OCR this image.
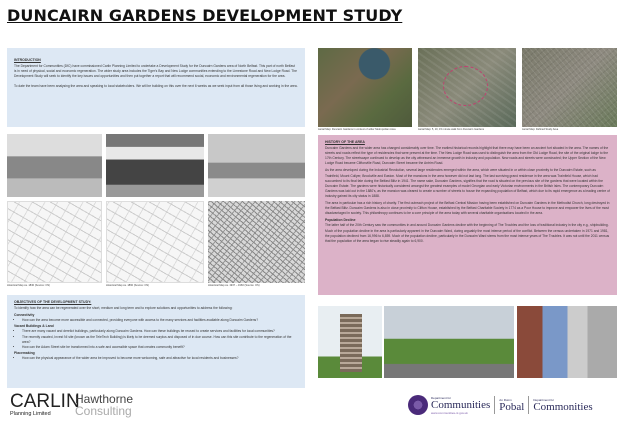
DUNCAIRN GARDENS DEVELOPMENT STUDY
INTRODUCTION

The Department for Communities (DfC) have commissioned Carlin Planning Limited to undertake a Development Study for the Duncairn Gardens area of North Belfast. This part of north Belfast is in need of physical, social and economic regeneration. The wider study area includes the Tiger's Bay and New Lodge communities extending to the Limestone Road and New Lodge Road. The Development Study will seek to identify the key issues and opportunities and then put together a report that will recommend social, economic and environmental regeneration for the area.

To date the team have been analysing the area and speaking to local stakeholders. We will be building on this over the next 6 weeks as we seek input from all those living and working in the area.

Historical Map ca. 1830 (Source: OS)	Historical Map ca. 1860 (Source: OS)	Historical Map ca. 1937 – 1960 (Source: OS)
OBJECTIVES OF THE DEVELOPMENT STUDY:

To identify how the area can be regenerated over the short, medium and long term and to explore solutions and opportunities to address the following:

Connectivity
• How can the area become more accessible and connected, providing everyone with access to the many services and facilities available along Duncairn Gardens?
Vacant Buildings & Land
• There are many vacant and derelict buildings, particularly along Duncairn Gardens. How can these buildings be reused to create services and facilities for local communities?
• The recently vacated, Invest NI site (known as the TeleTech Building) is likely to be deemed surplus and disposed of in due course. How can this site contribute to the regeneration of the area?
• How can the Adam Street site be transformed into a safe and accessible space that creates community benefit?
Placemaking
• How can the physical appearance of the wider area be improved to become more welcoming, safe and attractive for local residents and businesses?
CARLIN
Planning Limited
Hawthorne
Consulting
Aerial Map: Duncairn Gardens in context of wider Metropolitan Area	Aerial Map: 5, 10, 15 minute walk from Duncairn Gardens	Aerial Map: Defined Study Area
HISTORY OF THE AREA

Duncairn Gardens and the wider area has changed considerably over time. The earliest historical records highlight that there may have been an ancient fort situated in the area. The names of the streets and roads reflect the type of residencies that were present at the time. The New Lodge Road was used to distinguish the area from the Old Lodge Road, the site of the original lodge to the 17th Century. The streetscape continued to develop as the city witnessed an immense growth in industry and population. New roads and streets were constructed; the Upper Section of the New Lodge Road became Cliftonville Road, Duncairn Street became the Antrim Road.

As the area developed during the Industrial Revolution, several large residencies emerged within the area, which were situated in or within close proximity to the Duncairn Estate, such as Trainfield, Mount Collyer, Brookville and Easton. Most of the mansions in the area however did not last long. The last surviving grand residence in the area was Trainfield House, which had succumbed to its final fate during the Belfast Blitz in 1941. The name sake, Duncairn Gardens, signifies that the road is situated on the previous site of the gardens that were located within the Duncairn Estate. The gardens were historically considered amongst the greatest examples of model Georgian and early Victorian environments in the British Isles. The contemporary Duncairn Gardens was laid out in the 1880's, as the mansion was cleared to create a number of streets to house the expanding population of Belfast, which due to its rapid emergence as a leading centre of industry gained its city status in 1888.

The area in particular has a rich history of charity. The first outreach project of the Belfast Central Mission having been established on Duncairn Gardens in the Methodist Church, long destroyed in the Belfast Blitz. Duncairn Gardens is also in close proximity to Clifton House, established by the Belfast Charitable Society in 1774 as a Poor House to improve and empower the lives of the most disadvantaged in society. This philanthropy continues to be a core principle of the area today with several charitable organisations located in the area.

Population Decline

The latter half of the 20th Century saw the communities in and around Duncairn Gardens decline with the beginning of The Troubles and the loss of traditional industry in the city e.g., shipbuilding. Much of the population decline in the area is particularly apparent in the Duncairn Ward, during arguably the most intense period of the conflict. Between the census undertaken in 1971 and 1981, the population declined from 16,996 to 6,859. Much of the population decline, particularly in the Duncairn Ward stems from the most intense years of The Troubles. It was not until the 2011 census that the population of the area began to rise steadily again to 6,900.

Department for
Communities
www.communities-ni.gov.uk
An Roinn
Pobal
Depairtment fur
Commonities
